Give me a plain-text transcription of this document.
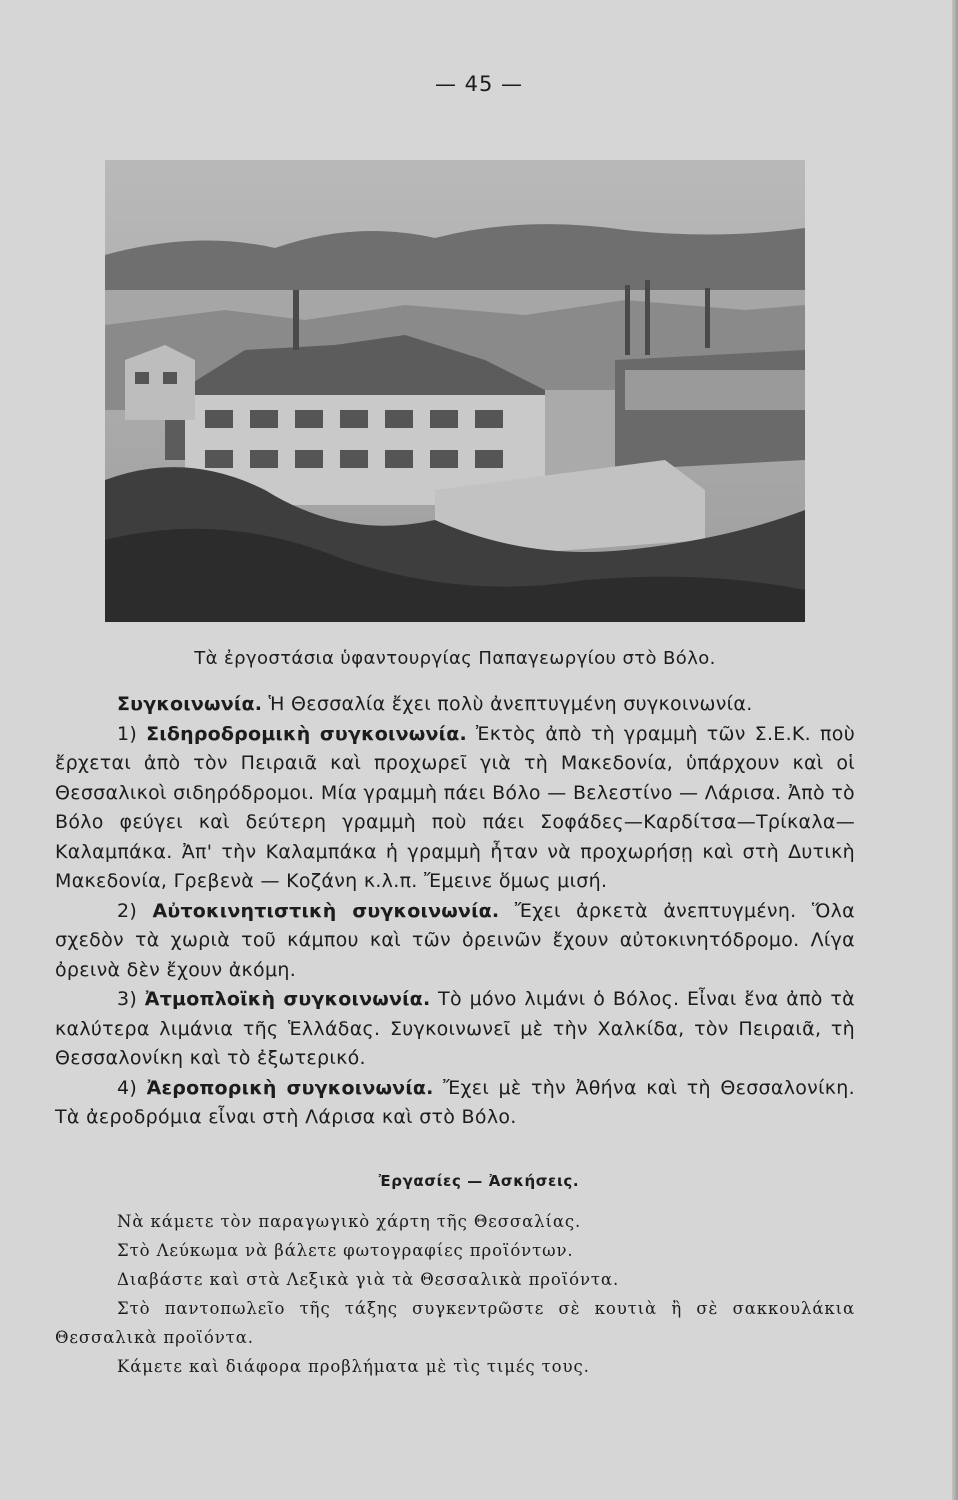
— 45 —
Τὰ ἐργοστάσια ὑφαντουργίας Παπαγεωργίου στὸ Βόλο.

Συγκοινωνία. Ἡ Θεσσαλία ἔχει πολὺ ἀνεπτυγμένη συγκοινωνία.

1) Σιδηροδρομικὴ συγκοινωνία. Ἐκτὸς ἀπὸ τὴ γραμμὴ τῶν Σ.Ε.Κ. ποὺ ἔρχεται ἀπὸ τὸν Πειραιᾶ καὶ προχωρεῖ γιὰ τὴ Μακεδονία, ὑπάρχουν καὶ οἱ Θεσσαλικοὶ σιδηρόδρομοι. Μία γραμμὴ πάει Βόλο — Βελεστίνο — Λάρισα. Ἀπὸ τὸ Βόλο φεύγει καὶ δεύτερη γραμμὴ ποὺ πάει Σοφάδες—Καρδίτσα—Τρίκαλα—Καλαμπάκα. Ἀπ' τὴν Καλαμπάκα ἡ γραμμὴ ἦταν νὰ προχωρήσῃ καὶ στὴ Δυτικὴ Μακεδονία, Γρεβενὰ — Κοζάνη κ.λ.π. Ἔμεινε ὅμως μισή.

2) Αὐτοκινητιστικὴ συγκοινωνία. Ἔχει ἀρκετὰ ἀνεπτυγμένη. Ὅλα σχεδὸν τὰ χωριὰ τοῦ κάμπου καὶ τῶν ὀρεινῶν ἔχουν αὐτοκινητόδρομο. Λίγα ὀρεινὰ δὲν ἔχουν ἀκόμη.

3) Ἀτμοπλοϊκὴ συγκοινωνία. Τὸ μόνο λιμάνι ὁ Βόλος. Εἶναι ἕνα ἀπὸ τὰ καλύτερα λιμάνια τῆς Ἑλλάδας. Συγκοινωνεῖ μὲ τὴν Χαλκίδα, τὸν Πειραιᾶ, τὴ Θεσσαλονίκη καὶ τὸ ἐξωτερικό.

4) Ἀεροπορικὴ συγκοινωνία. Ἔχει μὲ τὴν Ἀθήνα καὶ τὴ Θεσσαλονίκη. Τὰ ἀεροδρόμια εἶναι στὴ Λάρισα καὶ στὸ Βόλο.

Ἐργασίες — Ἀσκήσεις.

Νὰ κάμετε τὸν παραγωγικὸ χάρτη τῆς Θεσσαλίας.

Στὸ Λεύκωμα νὰ βάλετε φωτογραφίες προϊόντων.

Διαβάστε καὶ στὰ Λεξικὰ γιὰ τὰ Θεσσαλικὰ προϊόντα.

Στὸ παντοπωλεῖο τῆς τάξης συγκεντρῶστε σὲ κουτιὰ ἢ σὲ σακκουλάκια Θεσσαλικὰ προϊόντα.

Κάμετε καὶ διάφορα προβλήματα μὲ τὶς τιμές τους.
